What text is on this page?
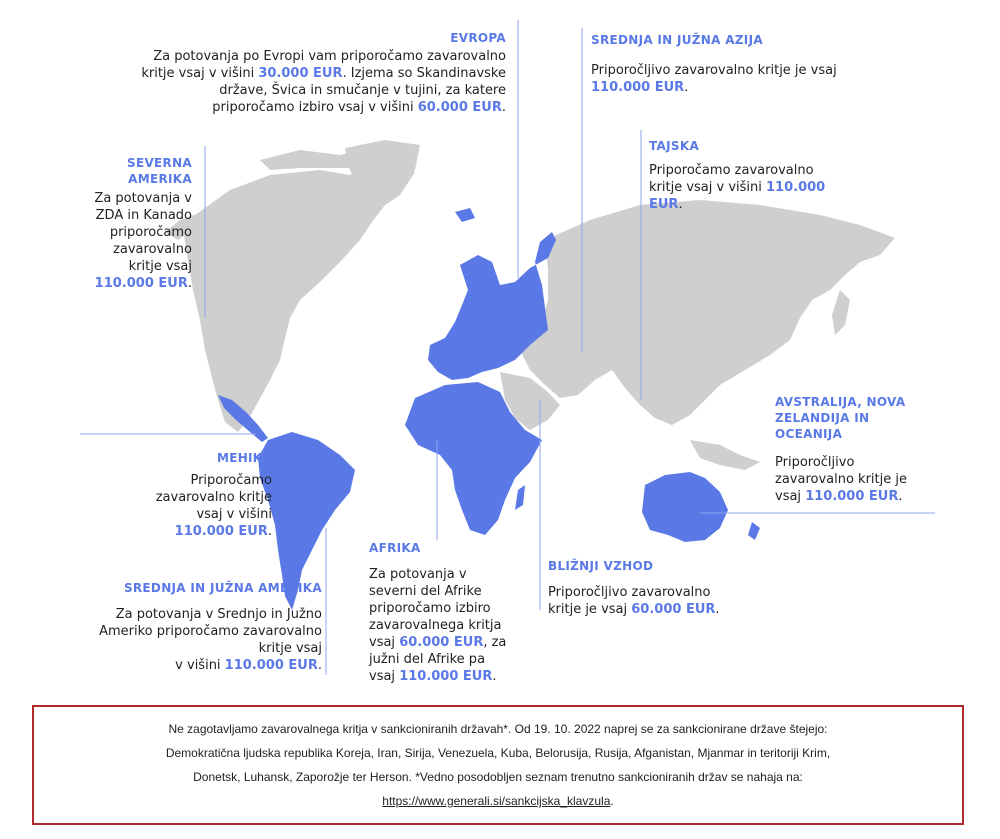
EVROPA
Za potovanja po Evropi vam priporočamo zavarovalno
kritje vsaj v višini 30.000 EUR. Izjema so Skandinavske
države, Švica in smučanje v tujini, za katere
priporočamo izbiro vsaj v višini 60.000 EUR.
SREDNJA IN JUŽNA AZIJA
Priporočljivo zavarovalno kritje je vsaj
110.000 EUR.
TAJSKA
Priporočamo zavarovalno
kritje vsaj v višini 110.000
EUR.
SEVERNA
AMERIKA
Za potovanja v
ZDA in Kanado
priporočamo
zavarovalno
kritje vsaj
110.000 EUR.
MEHIKA
Priporočamo
zavarovalno kritje
vsaj v višini
110.000 EUR.
SREDNJA IN JUŽNA AMERIKA
Za potovanja v Srednjo in Južno
Ameriko priporočamo zavarovalno
kritje vsaj
v višini 110.000 EUR.
AFRIKA
Za potovanja v
severni del Afrike
priporočamo izbiro
zavarovalnega kritja
vsaj 60.000 EUR, za
južni del Afrike pa
vsaj 110.000 EUR.
BLIŽNJI VZHOD
Priporočljivo zavarovalno
kritje je vsaj 60.000 EUR.
AVSTRALIJA, NOVA
ZELANDIJA IN
OCEANIJA
Priporočljivo
zavarovalno kritje je
vsaj 110.000 EUR.
Ne zagotavljamo zavarovalnega kritja v sankcioniranih državah*. Od 19. 10. 2022 naprej se za sankcionirane države štejejo:
Demokratična ljudska republika Koreja, Iran, Sirija, Venezuela, Kuba, Belorusija, Rusija, Afganistan, Mjanmar in teritoriji Krim,
Donetsk, Luhansk, Zaporožje ter Herson. *Vedno posodobljen seznam trenutno sankcioniranih držav se nahaja na:
https://www.generali.si/sankcijska_klavzula.
